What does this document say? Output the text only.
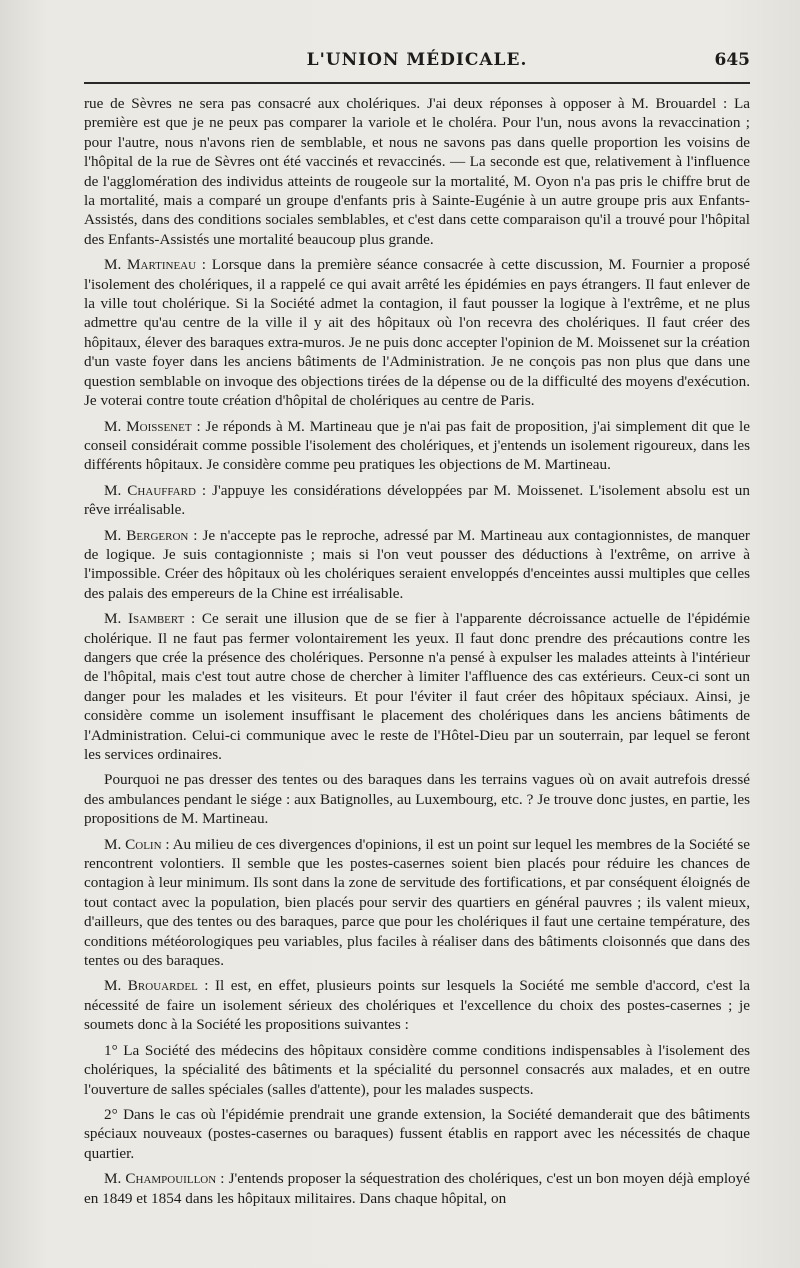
L'UNION MÉDICALE.	645

rue de Sèvres ne sera pas consacré aux cholériques. J'ai deux réponses à opposer à M. Brouardel : La première est que je ne peux pas comparer la variole et le choléra. Pour l'un, nous avons la revaccination ; pour l'autre, nous n'avons rien de semblable, et nous ne savons pas dans quelle proportion les voisins de l'hôpital de la rue de Sèvres ont été vaccinés et revaccinés. — La seconde est que, relativement à l'influence de l'agglomération des individus atteints de rougeole sur la mortalité, M. Oyon n'a pas pris le chiffre brut de la mortalité, mais a comparé un groupe d'enfants pris à Sainte-Eugénie à un autre groupe pris aux Enfants-Assistés, dans des conditions sociales semblables, et c'est dans cette comparaison qu'il a trouvé pour l'hôpital des Enfants-Assistés une mortalité beaucoup plus grande.

M. Martineau : Lorsque dans la première séance consacrée à cette discussion, M. Fournier a proposé l'isolement des cholériques, il a rappelé ce qui avait arrêté les épidémies en pays étrangers. Il faut enlever de la ville tout cholérique. Si la Société admet la contagion, il faut pousser la logique à l'extrême, et ne plus admettre qu'au centre de la ville il y ait des hôpitaux où l'on recevra des cholériques. Il faut créer des hôpitaux, élever des baraques extra-muros. Je ne puis donc accepter l'opinion de M. Moissenet sur la création d'un vaste foyer dans les anciens bâtiments de l'Administration. Je ne conçois pas non plus que dans une question semblable on invoque des objections tirées de la dépense ou de la difficulté des moyens d'exécution. Je voterai contre toute création d'hôpital de cholériques au centre de Paris.

M. Moissenet : Je réponds à M. Martineau que je n'ai pas fait de proposition, j'ai simplement dit que le conseil considérait comme possible l'isolement des cholériques, et j'entends un isolement rigoureux, dans les différents hôpitaux. Je considère comme peu pratiques les objections de M. Martineau.

M. Chauffard : J'appuye les considérations développées par M. Moissenet. L'isolement absolu est un rêve irréalisable.

M. Bergeron : Je n'accepte pas le reproche, adressé par M. Martineau aux contagionnistes, de manquer de logique. Je suis contagionniste ; mais si l'on veut pousser des déductions à l'extrême, on arrive à l'impossible. Créer des hôpitaux où les cholériques seraient enveloppés d'enceintes aussi multiples que celles des palais des empereurs de la Chine est irréalisable.

M. Isambert : Ce serait une illusion que de se fier à l'apparente décroissance actuelle de l'épidémie cholérique. Il ne faut pas fermer volontairement les yeux. Il faut donc prendre des précautions contre les dangers que crée la présence des cholériques. Personne n'a pensé à expulser les malades atteints à l'intérieur de l'hôpital, mais c'est tout autre chose de chercher à limiter l'affluence des cas extérieurs. Ceux-ci sont un danger pour les malades et les visiteurs. Et pour l'éviter il faut créer des hôpitaux spéciaux. Ainsi, je considère comme un isolement insuffisant le placement des cholériques dans les anciens bâtiments de l'Administration. Celui-ci communique avec le reste de l'Hôtel-Dieu par un souterrain, par lequel se feront les services ordinaires.

Pourquoi ne pas dresser des tentes ou des baraques dans les terrains vagues où on avait autrefois dressé des ambulances pendant le siége : aux Batignolles, au Luxembourg, etc. ? Je trouve donc justes, en partie, les propositions de M. Martineau.

M. Colin : Au milieu de ces divergences d'opinions, il est un point sur lequel les membres de la Société se rencontrent volontiers. Il semble que les postes-casernes soient bien placés pour réduire les chances de contagion à leur minimum. Ils sont dans la zone de servitude des fortifications, et par conséquent éloignés de tout contact avec la population, bien placés pour servir des quartiers en général pauvres ; ils valent mieux, d'ailleurs, que des tentes ou des baraques, parce que pour les cholériques il faut une certaine température, des conditions météorologiques peu variables, plus faciles à réaliser dans des bâtiments cloisonnés que dans des tentes ou des baraques.

M. Brouardel : Il est, en effet, plusieurs points sur lesquels la Société me semble d'accord, c'est la nécessité de faire un isolement sérieux des cholériques et l'excellence du choix des postes-casernes ; je soumets donc à la Société les propositions suivantes :

1° La Société des médecins des hôpitaux considère comme conditions indispensables à l'isolement des cholériques, la spécialité des bâtiments et la spécialité du personnel consacrés aux malades, et en outre l'ouverture de salles spéciales (salles d'attente), pour les malades suspects.

2° Dans le cas où l'épidémie prendrait une grande extension, la Société demanderait que des bâtiments spéciaux nouveaux (postes-casernes ou baraques) fussent établis en rapport avec les nécessités de chaque quartier.

M. Champouillon : J'entends proposer la séquestration des cholériques, c'est un bon moyen déjà employé en 1849 et 1854 dans les hôpitaux militaires. Dans chaque hôpital, on
